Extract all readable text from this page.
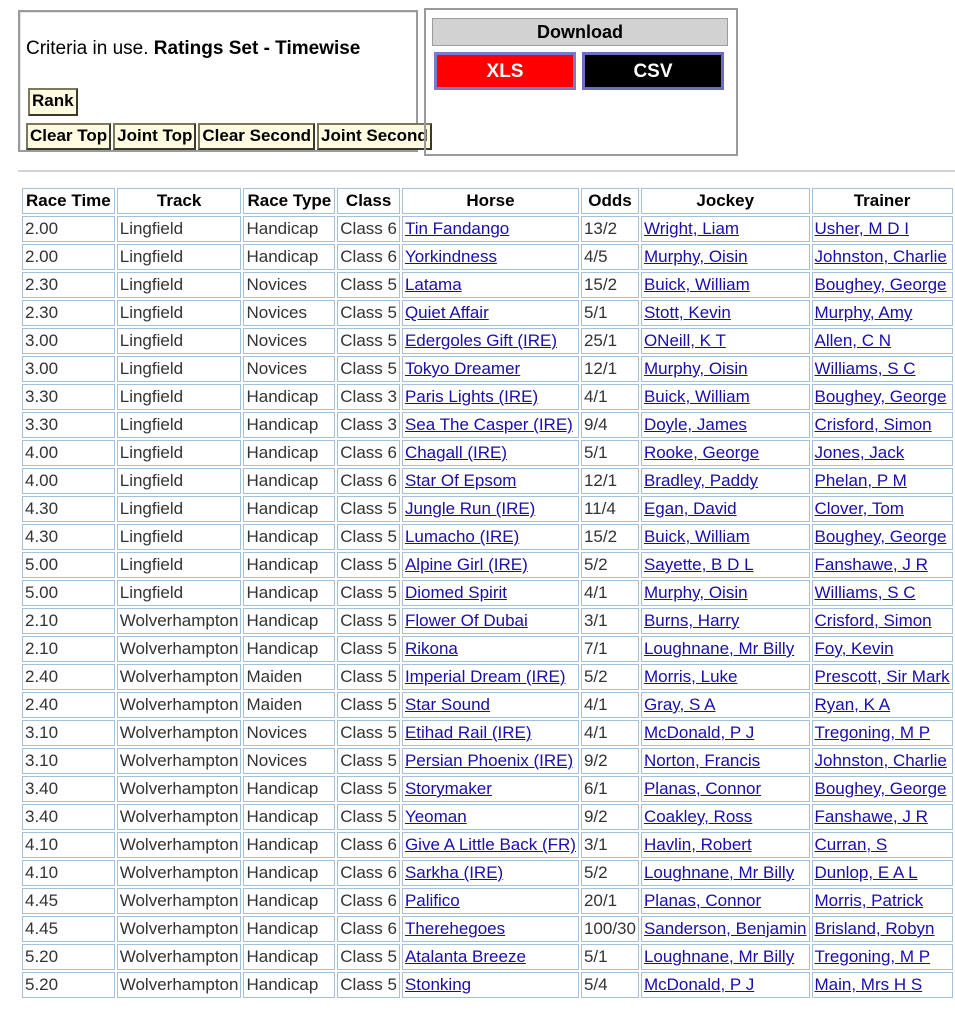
Criteria in use. Ratings Set - Timewise
Rank
Clear Top Joint Top Clear Second Joint Second
Download
XLS	CSV
Race Time	Track	Race Type	Class	Horse	Odds	Jockey	Trainer	
2.00	Lingfield	Handicap	Class 6	Tin Fandango	13/2	Wright, Liam	Usher, M D I	
2.00	Lingfield	Handicap	Class 6	Yorkindness	4/5	Murphy, Oisin	Johnston, Charlie	
2.30	Lingfield	Novices	Class 5	Latama	15/2	Buick, William	Boughey, George	
2.30	Lingfield	Novices	Class 5	Quiet Affair	5/1	Stott, Kevin	Murphy, Amy	
3.00	Lingfield	Novices	Class 5	Edergoles Gift (IRE)	25/1	ONeill, K T	Allen, C N	
3.00	Lingfield	Novices	Class 5	Tokyo Dreamer	12/1	Murphy, Oisin	Williams, S C	
3.30	Lingfield	Handicap	Class 3	Paris Lights (IRE)	4/1	Buick, William	Boughey, George	
3.30	Lingfield	Handicap	Class 3	Sea The Casper (IRE)	9/4	Doyle, James	Crisford, Simon	
4.00	Lingfield	Handicap	Class 6	Chagall (IRE)	5/1	Rooke, George	Jones, Jack	
4.00	Lingfield	Handicap	Class 6	Star Of Epsom	12/1	Bradley, Paddy	Phelan, P M	
4.30	Lingfield	Handicap	Class 5	Jungle Run (IRE)	11/4	Egan, David	Clover, Tom	
4.30	Lingfield	Handicap	Class 5	Lumacho (IRE)	15/2	Buick, William	Boughey, George	
5.00	Lingfield	Handicap	Class 5	Alpine Girl (IRE)	5/2	Sayette, B D L	Fanshawe, J R	
5.00	Lingfield	Handicap	Class 5	Diomed Spirit	4/1	Murphy, Oisin	Williams, S C	
2.10	Wolverhampton	Handicap	Class 5	Flower Of Dubai	3/1	Burns, Harry	Crisford, Simon	
2.10	Wolverhampton	Handicap	Class 5	Rikona	7/1	Loughnane, Mr Billy	Foy, Kevin	
2.40	Wolverhampton	Maiden	Class 5	Imperial Dream (IRE)	5/2	Morris, Luke	Prescott, Sir Mark	
2.40	Wolverhampton	Maiden	Class 5	Star Sound	4/1	Gray, S A	Ryan, K A	
3.10	Wolverhampton	Novices	Class 5	Etihad Rail (IRE)	4/1	McDonald, P J	Tregoning, M P	
3.10	Wolverhampton	Novices	Class 5	Persian Phoenix (IRE)	9/2	Norton, Francis	Johnston, Charlie	
3.40	Wolverhampton	Handicap	Class 5	Storymaker	6/1	Planas, Connor	Boughey, George	
3.40	Wolverhampton	Handicap	Class 5	Yeoman	9/2	Coakley, Ross	Fanshawe, J R	
4.10	Wolverhampton	Handicap	Class 6	Give A Little Back (FR)	3/1	Havlin, Robert	Curran, S	
4.10	Wolverhampton	Handicap	Class 6	Sarkha (IRE)	5/2	Loughnane, Mr Billy	Dunlop, E A L	
4.45	Wolverhampton	Handicap	Class 6	Palifico	20/1	Planas, Connor	Morris, Patrick	
4.45	Wolverhampton	Handicap	Class 6	Therehegoes	100/30	Sanderson, Benjamin	Brisland, Robyn	
5.20	Wolverhampton	Handicap	Class 5	Atalanta Breeze	5/1	Loughnane, Mr Billy	Tregoning, M P	
5.20	Wolverhampton	Handicap	Class 5	Stonking	5/4	McDonald, P J	Main, Mrs H S	
